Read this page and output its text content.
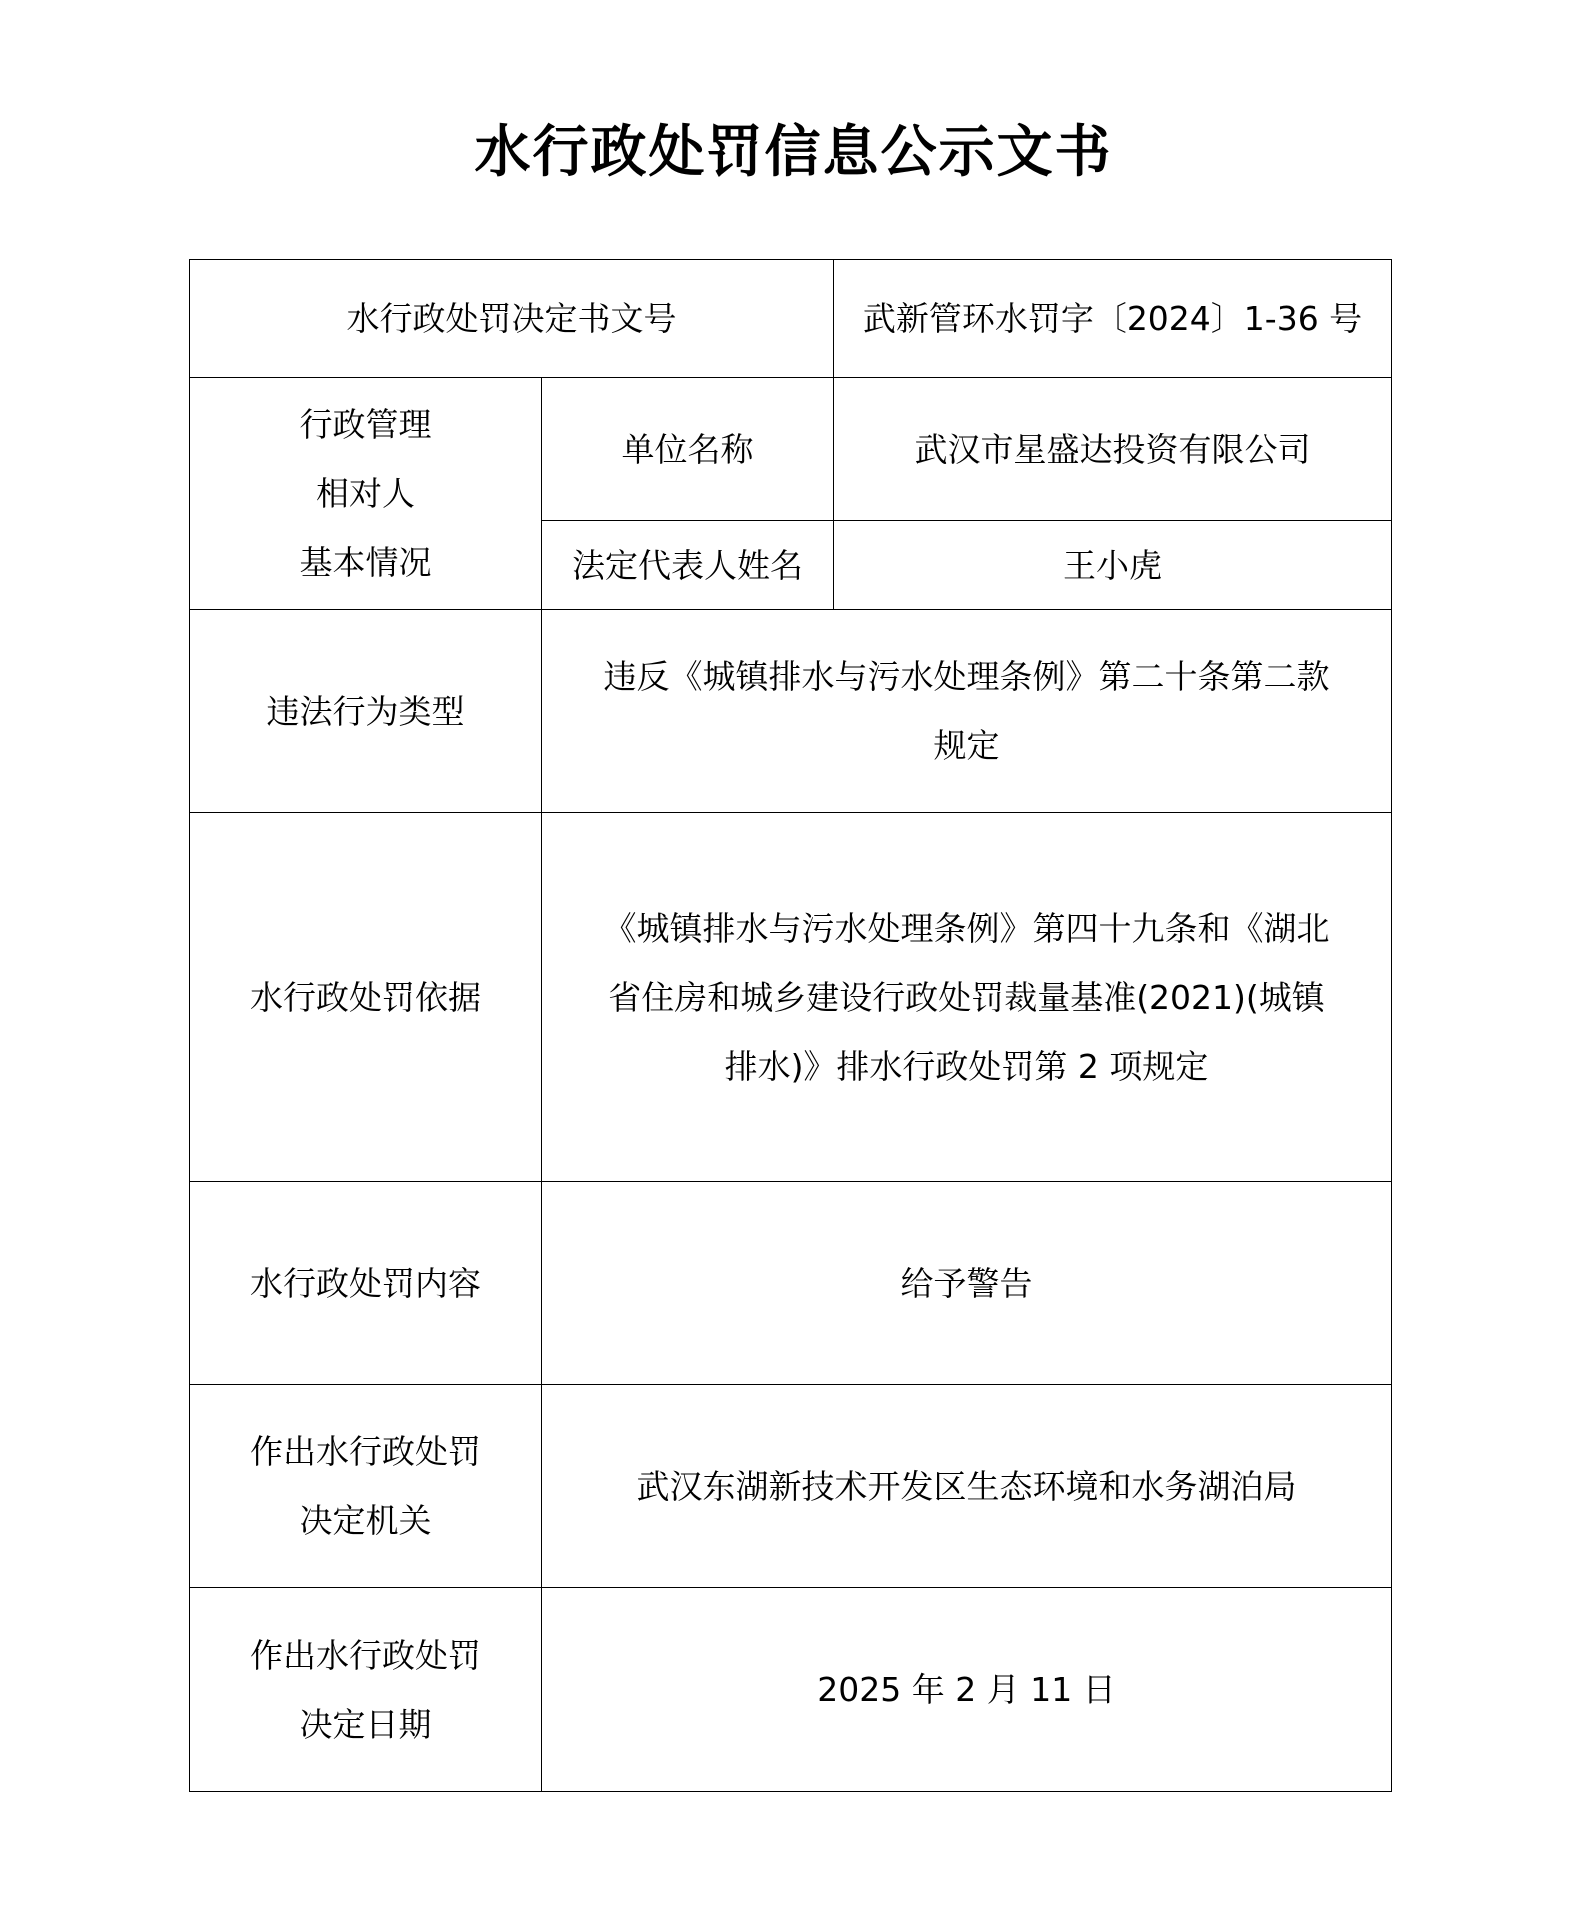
水行政处罚信息公示文书
水行政处罚决定书文号		武新管环水罚字〔2024〕1-36 号

行政管理
相对人
基本情况	单位名称	武汉市星盛达投资有限公司
	法定代表人姓名	王小虎
违法行为类型	违反《城镇排水与污水处理条例》第二十条第二款
规定	

水行政处罚依据	《城镇排水与污水处理条例》第四十九条和《湖北
省住房和城乡建设行政处罚裁量基准(2021)(城镇
排水)》排水行政处罚第 2 项规定	

水行政处罚内容	给予警告	

作出水行政处罚
决定机关	武汉东湖新技术开发区生态环境和水务湖泊局	

作出水行政处罚
决定日期	2025 年 2 月 11 日	
